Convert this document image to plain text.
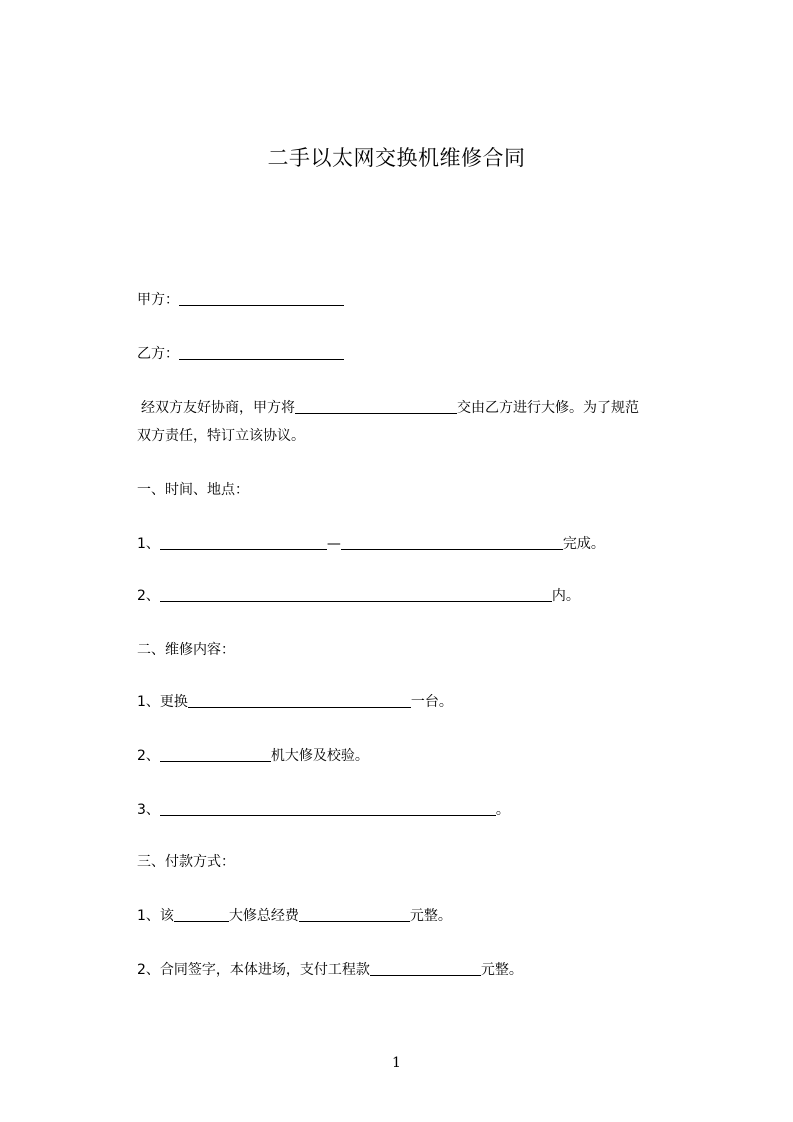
二手以太网交换机维修合同
甲方：
乙方：
经双方友好协商，甲方将	交由乙方进行大修。为了规范
双方责任，特订立该协议。
一、时间、地点：
1、	—	完成。
2、	内。
二、维修内容：
1、更换	一台。
2、	机大修及校验。
3、	。
三、付款方式：
1、该	大修总经费	元整。
2、合同签字，本体进场，支付工程款	元整。
1
